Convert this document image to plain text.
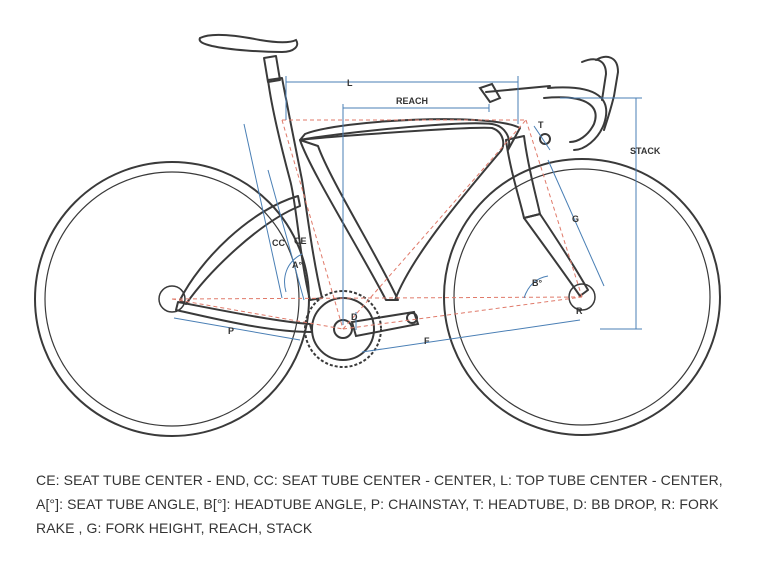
L
REACH
T
STACK
G
CC CE
A°
B°
D
R
P
F
CE: SEAT TUBE CENTER - END, CC: SEAT TUBE CENTER - CENTER, L: TOP TUBE CENTER - CENTER, A[°]: SEAT TUBE ANGLE, B[°]: HEADTUBE ANGLE, P: CHAINSTAY, T: HEADTUBE, D: BB DROP, R: FORK RAKE , G: FORK HEIGHT, REACH, STACK
